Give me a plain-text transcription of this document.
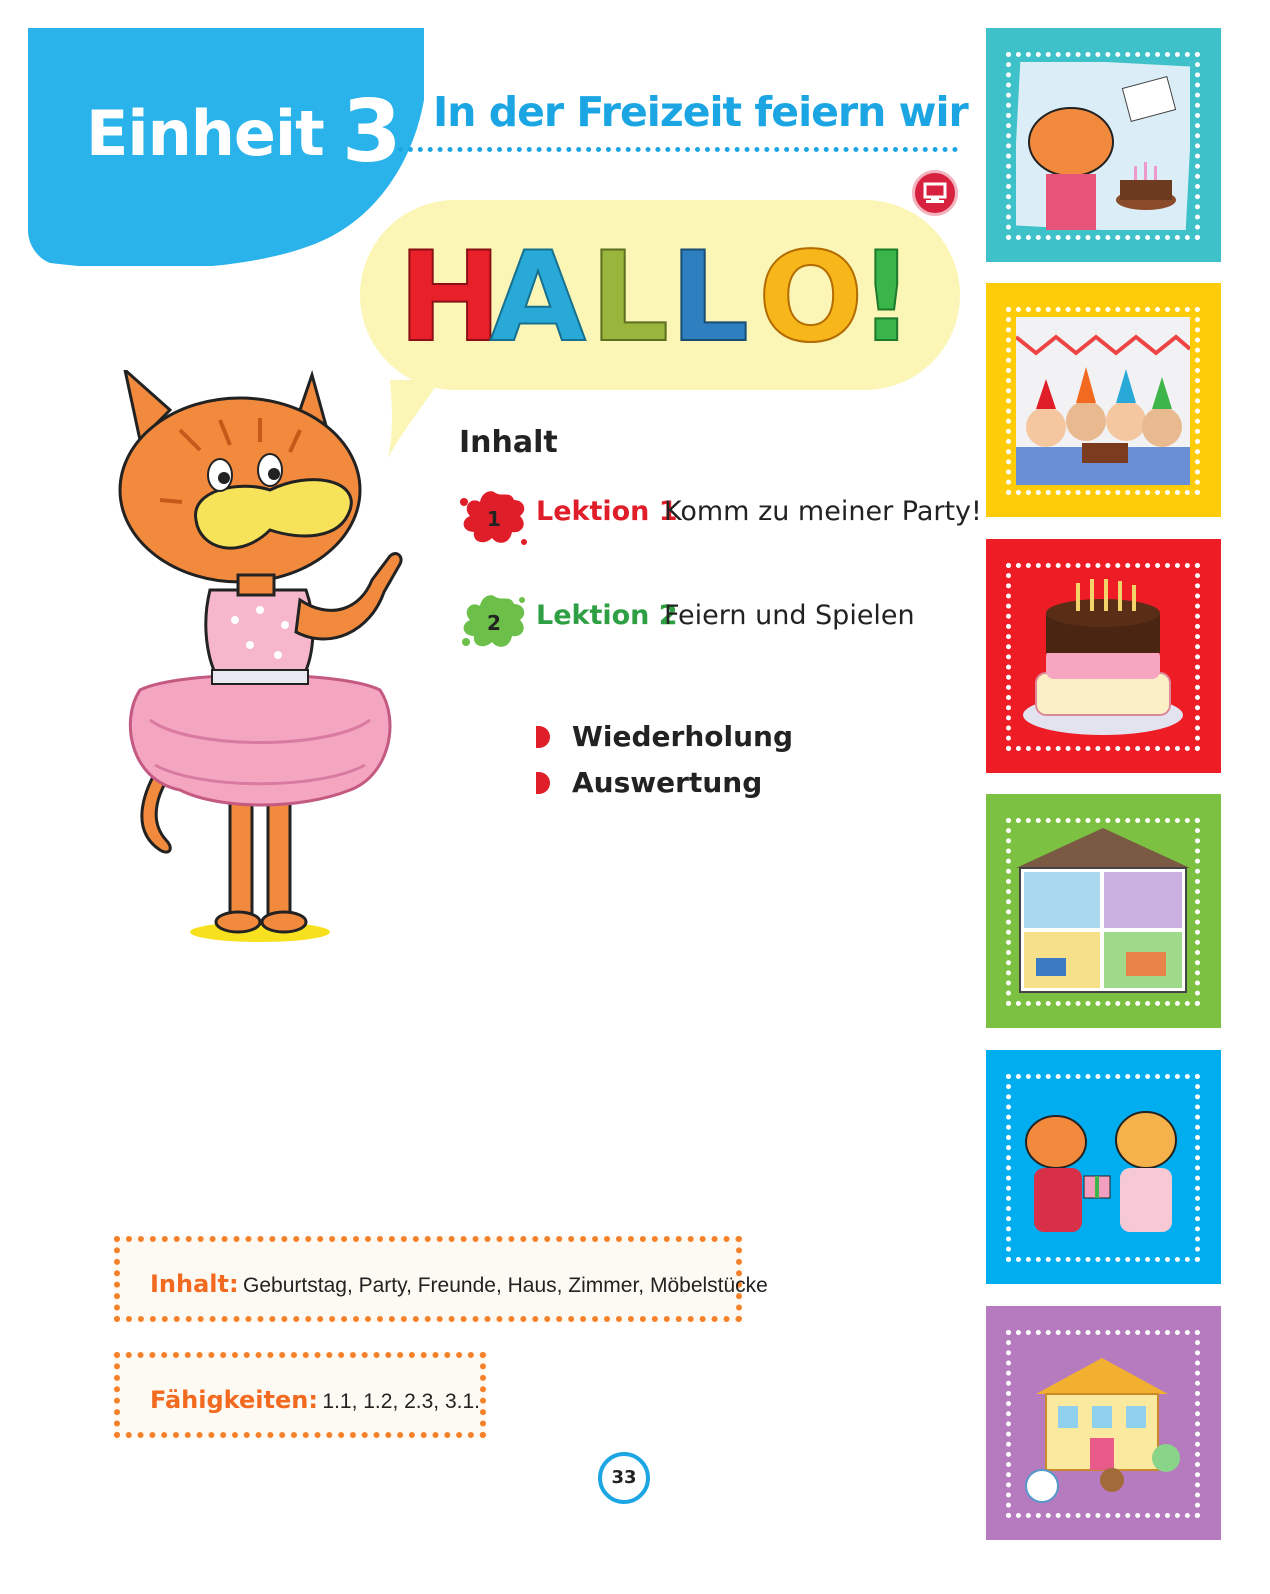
Einheit 3 In der Freizeit feiern wir
H
A L L O
!
Inhalt
1 Lektion 1
Komm zu meiner Party!
2 Lektion 2
Feiern und Spielen
Wiederholung
Auswertung
Inhalt: Geburtstag, Party, Freunde, Haus, Zimmer, Möbelstücke
Fähigkeiten: 1.1, 1.2, 2.3, 3.1.
33
